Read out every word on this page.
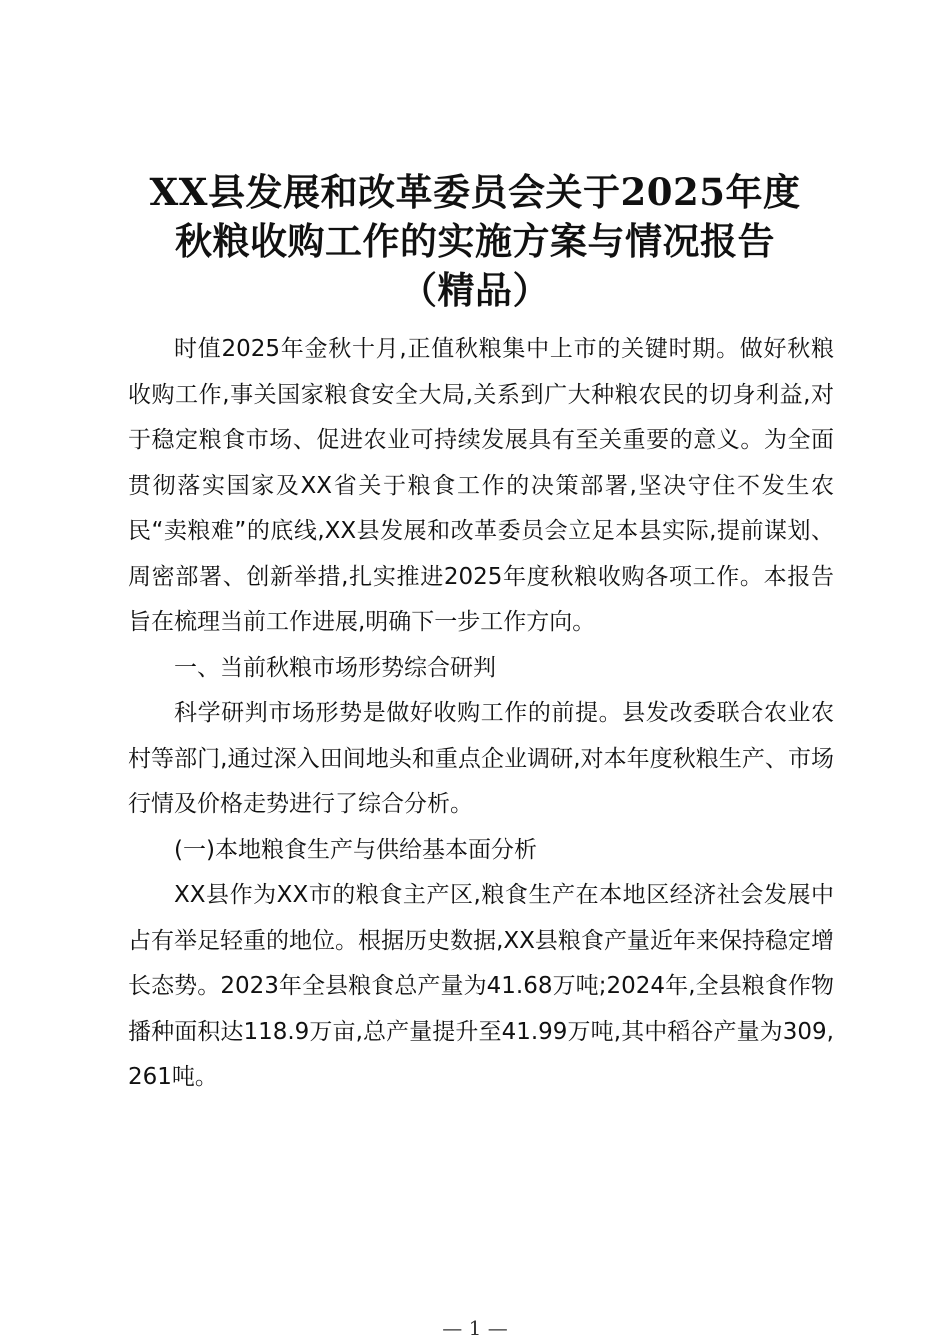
XX县发展和改革委员会关于2025年度
秋粮收购工作的实施方案与情况报告
（精品）

时值2025年金秋十月,正值秋粮集中上市的关键时期。做好秋粮收购工作,事关国家粮食安全大局,关系到广大种粮农民的切身利益,对于稳定粮食市场、促进农业可持续发展具有至关重要的意义。为全面贯彻落实国家及XX省关于粮食工作的决策部署,坚决守住不发生农民“卖粮难”的底线,XX县发展和改革委员会立足本县实际,提前谋划、周密部署、创新举措,扎实推进2025年度秋粮收购各项工作。本报告旨在梳理当前工作进展,明确下一步工作方向。

一、当前秋粮市场形势综合研判

科学研判市场形势是做好收购工作的前提。县发改委联合农业农村等部门,通过深入田间地头和重点企业调研,对本年度秋粮生产、市场行情及价格走势进行了综合分析。

(一)本地粮食生产与供给基本面分析

XX县作为XX市的粮食主产区,粮食生产在本地区经济社会发展中占有举足轻重的地位。根据历史数据,XX县粮食产量近年来保持稳定增长态势。2023年全县粮食总产量为41.68万吨;2024年,全县粮食作物播种面积达118.9万亩,总产量提升至41.99万吨,其中稻谷产量为309,261吨。

— 1 —
